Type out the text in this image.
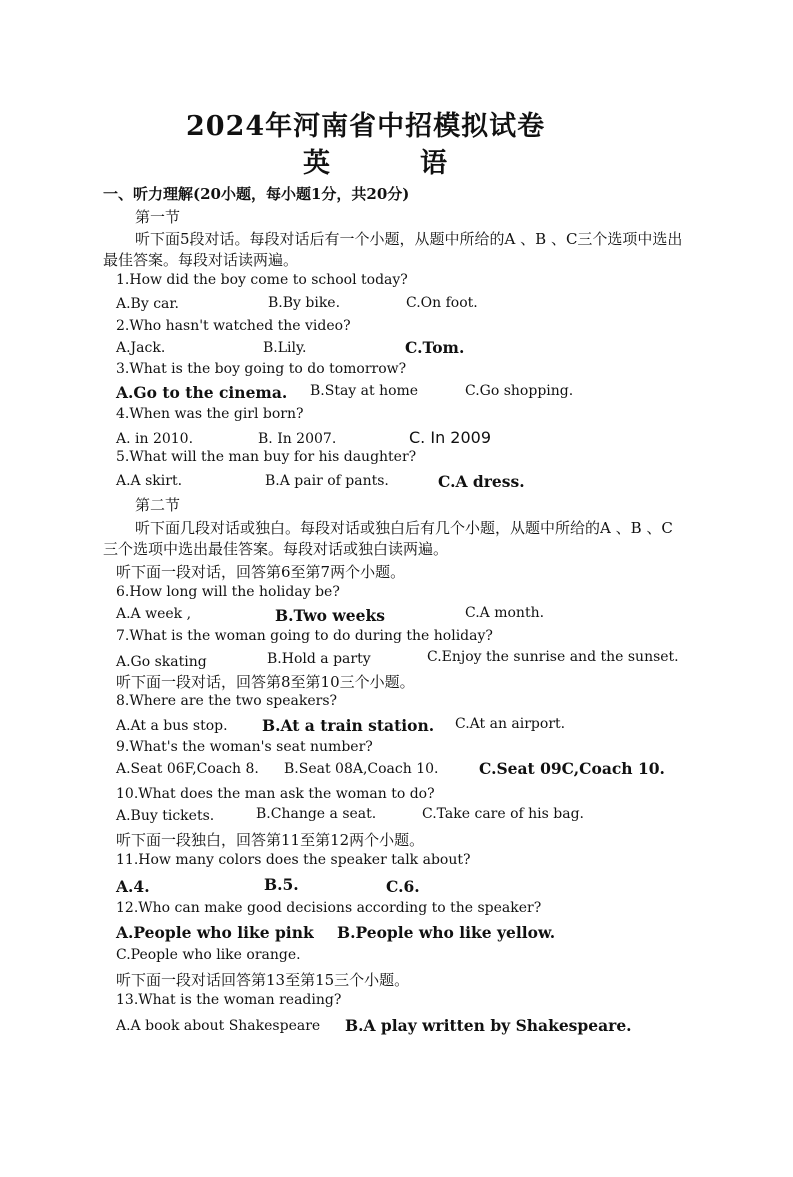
2024年河南省中招模拟试卷
英	语
一、听力理解(20小题，每小题1分，共20分)
第一节
听下面5段对话。每段对话后有一个小题，从题中所给的A 、B 、C三个选项中选出
最佳答案。每段对话读两遍。
1.How did the boy come to school today?
A.By car.	B.By bike.	C.On foot.
2.Who hasn't watched the video?
A.Jack.	B.Lily.	C.Tom.
3.What is the boy going to do tomorrow?
A.Go to the cinema. B.Stay at home	C.Go shopping.
4.When was the girl born?
A. in 2010.	B. In 2007.	C. In 2009
5.What will the man buy for his daughter?
A.A skirt.	B.A pair of pants.	C.A dress.
第二节
听下面几段对话或独白。每段对话或独白后有几个小题，从题中所给的A 、B 、C
三个选项中选出最佳答案。每段对话或独白读两遍。
听下面一段对话，回答第6至第7两个小题。
6.How long will the holiday be?
A.A week ,	B.Two weeks	C.A month.
7.What is the woman going to do during the holiday?
A.Go skating	B.Hold a party	C.Enjoy the sunrise and the sunset.
听下面一段对话，回答第8至第10三个小题。
8.Where are the two speakers?
A.At a bus stop. B.At a train station. C.At an airport.
9.What's the woman's seat number?
A.Seat 06F,Coach 8. B.Seat 08A,Coach 10.	C.Seat 09C,Coach 10.
10.What does the man ask the woman to do?
A.Buy tickets.	B.Change a seat.	C.Take care of his bag.
听下面一段独白，回答第11至第12两个小题。
11.How many colors does the speaker talk about?
A.4.	B.5.	C.6.
12.Who can make good decisions according to the speaker?
A.People who like pink B.People who like yellow.
C.People who like orange.
听下面一段对话回答第13至第15三个小题。
13.What is the woman reading?
A.A book about Shakespeare B.A play written by Shakespeare.
